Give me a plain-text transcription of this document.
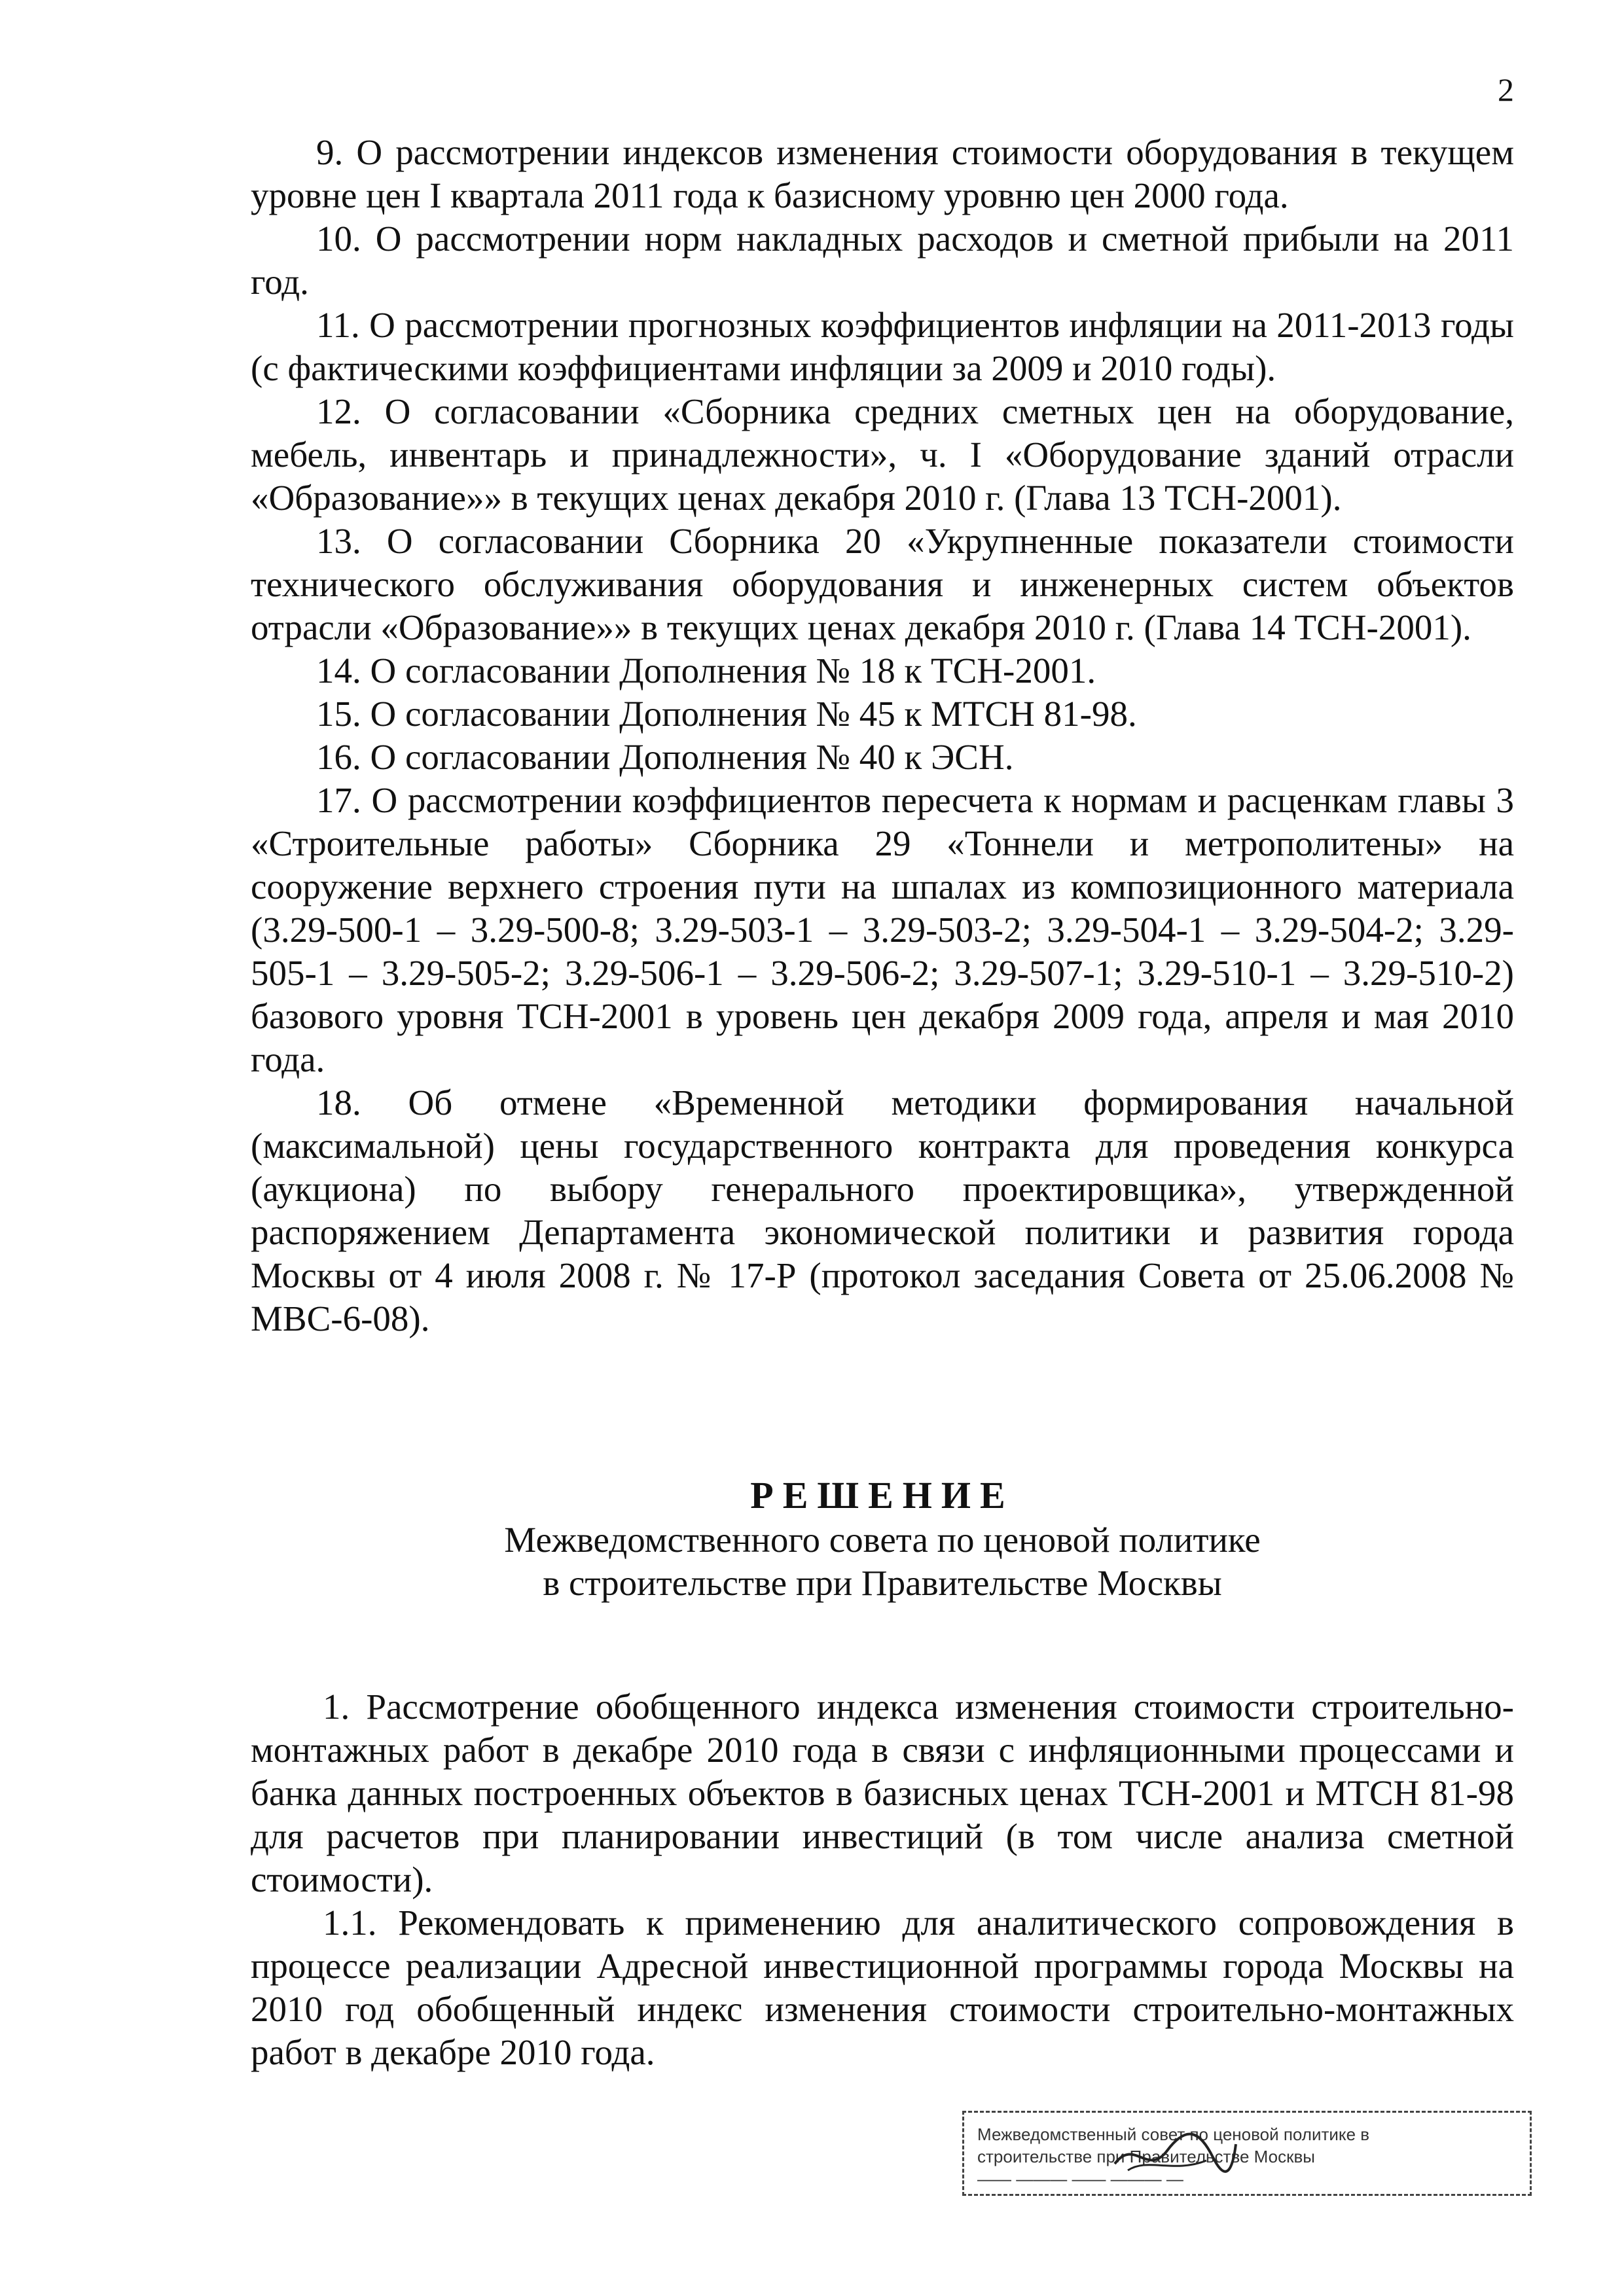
2

9. О рассмотрении индексов изменения стоимости оборудования в текущем уровне цен I квартала 2011 года к базисному уровню цен 2000 года.

10. О рассмотрении норм накладных расходов и сметной прибыли на 2011 год.

11. О рассмотрении прогнозных коэффициентов инфляции на 2011-2013 годы (с фактическими коэффициентами инфляции за 2009 и 2010 годы).

12. О согласовании «Сборника средних сметных цен на оборудование, мебель, инвентарь и принадлежности», ч. I «Оборудование зданий отрасли «Образование»» в текущих ценах декабря 2010 г. (Глава 13 ТСН-2001).

13. О согласовании Сборника 20 «Укрупненные показатели стоимости технического обслуживания оборудования и инженерных систем объектов отрасли «Образование»» в текущих ценах декабря 2010 г. (Глава 14 ТСН-2001).

14. О согласовании Дополнения № 18 к ТСН-2001.

15. О согласовании Дополнения № 45 к МТСН 81-98.

16. О согласовании Дополнения № 40 к ЭСН.

17. О рассмотрении коэффициентов пересчета к нормам и расценкам главы 3 «Строительные работы» Сборника 29 «Тоннели и метрополитены» на сооружение верхнего строения пути на шпалах из композиционного материала (3.29-500-1 – 3.29-500-8; 3.29-503-1 – 3.29-503-2; 3.29-504-1 – 3.29-504-2; 3.29-505-1 – 3.29-505-2; 3.29-506-1 – 3.29-506-2; 3.29-507-1; 3.29-510-1 – 3.29-510-2) базового уровня ТСН-2001 в уровень цен декабря 2009 года, апреля и мая 2010 года.

18. Об отмене «Временной методики формирования начальной (максимальной) цены государственного контракта для проведения конкурса (аукциона) по выбору генерального проектировщика», утвержденной распоряжением Департамента экономической политики и развития города Москвы от 4 июля 2008 г. № 17-Р (протокол заседания Совета от 25.06.2008 № МВС-6-08).

РЕШЕНИЕ
Межведомственного совета по ценовой политике
в строительстве при Правительстве Москвы

1. Рассмотрение обобщенного индекса изменения стоимости строительно-монтажных работ в декабре 2010 года в связи с инфляционными процессами и банка данных построенных объектов в базисных ценах ТСН-2001 и МТСН 81-98 для расчетов при планировании инвестиций (в том числе анализа сметной стоимости).

1.1. Рекомендовать к применению для аналитического сопровождения в процессе реализации Адресной инвестиционной программы города Москвы на 2010 год обобщенный индекс изменения стоимости строительно-монтажных работ в декабре 2010 года.

Межведомственный совет по ценовой политике в
строительстве при Правительстве Москвы
—— ——— —— ——— —
